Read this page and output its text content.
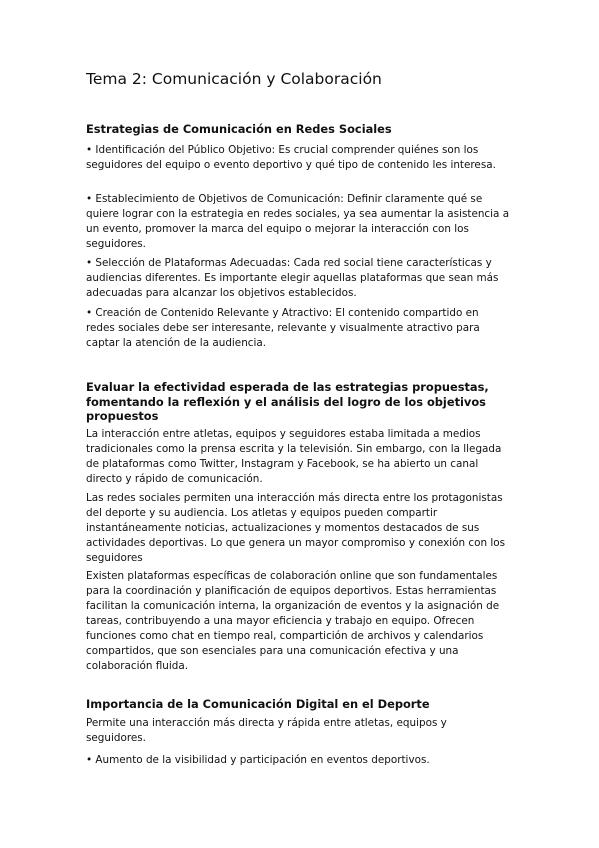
Tema 2: Comunicación y Colaboración
Estrategias de Comunicación en Redes Sociales
• Identificación del Público Objetivo: Es crucial comprender quiénes son los seguidores del equipo o evento deportivo y qué tipo de contenido les interesa.
• Establecimiento de Objetivos de Comunicación: Definir claramente qué se quiere lograr con la estrategia en redes sociales, ya sea aumentar la asistencia a un evento, promover la marca del equipo o mejorar la interacción con los seguidores.
• Selección de Plataformas Adecuadas: Cada red social tiene características y audiencias diferentes. Es importante elegir aquellas plataformas que sean más adecuadas para alcanzar los objetivos establecidos.
• Creación de Contenido Relevante y Atractivo: El contenido compartido en redes sociales debe ser interesante, relevante y visualmente atractivo para captar la atención de la audiencia.
Evaluar la efectividad esperada de las estrategias propuestas, fomentando la reflexión y el análisis del logro de los objetivos propuestos
La interacción entre atletas, equipos y seguidores estaba limitada a medios tradicionales como la prensa escrita y la televisión. Sin embargo, con la llegada de plataformas como Twitter, Instagram y Facebook, se ha abierto un canal directo y rápido de comunicación.
Las redes sociales permiten una interacción más directa entre los protagonistas del deporte y su audiencia. Los atletas y equipos pueden compartir instantáneamente noticias, actualizaciones y momentos destacados de sus actividades deportivas. Lo que genera un mayor compromiso y conexión con los seguidores
Existen plataformas específicas de colaboración online que son fundamentales para la coordinación y planificación de equipos deportivos. Estas herramientas facilitan la comunicación interna, la organización de eventos y la asignación de tareas, contribuyendo a una mayor eficiencia y trabajo en equipo. Ofrecen funciones como chat en tiempo real, compartición de archivos y calendarios compartidos, que son esenciales para una comunicación efectiva y una colaboración fluida.
Importancia de la Comunicación Digital en el Deporte
Permite una interacción más directa y rápida entre atletas, equipos y seguidores.
• Aumento de la visibilidad y participación en eventos deportivos.
